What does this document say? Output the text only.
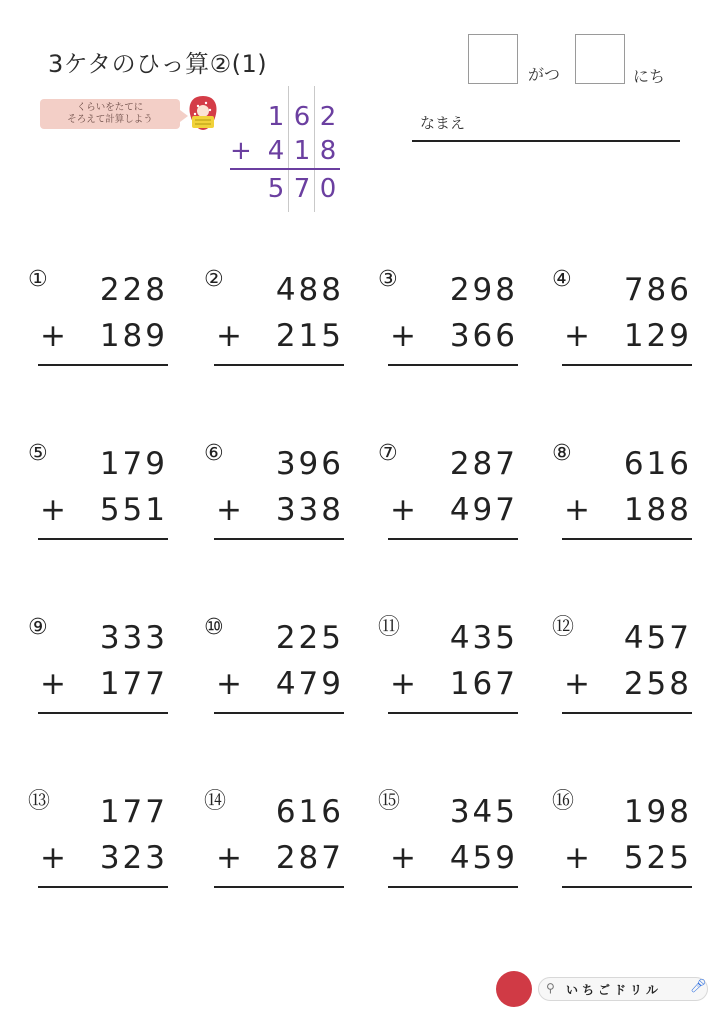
3ケタのひっ算②(1)	がつ	にち
なまえ
くらいをたてに
そろえて計算しよう	1 6 2
+ 4 1 8
5 7 0
① 228
+ 189
② 488
+ 215
③ 298
+ 366
④ 786
+ 129
⑤ 179
+ 551
⑥ 396
+ 338
⑦ 287
+ 497
⑧ 616
+ 188
⑨ 333
+ 177
⑩ 225
+ 479
⑪ 435
+ 167
⑫ 457
+ 258
⑬ 177
+ 323
⑭ 616
+ 287
⑮ 345
+ 459
⑯ 198
+ 525
⚲ いちごドリル 🎤︎
